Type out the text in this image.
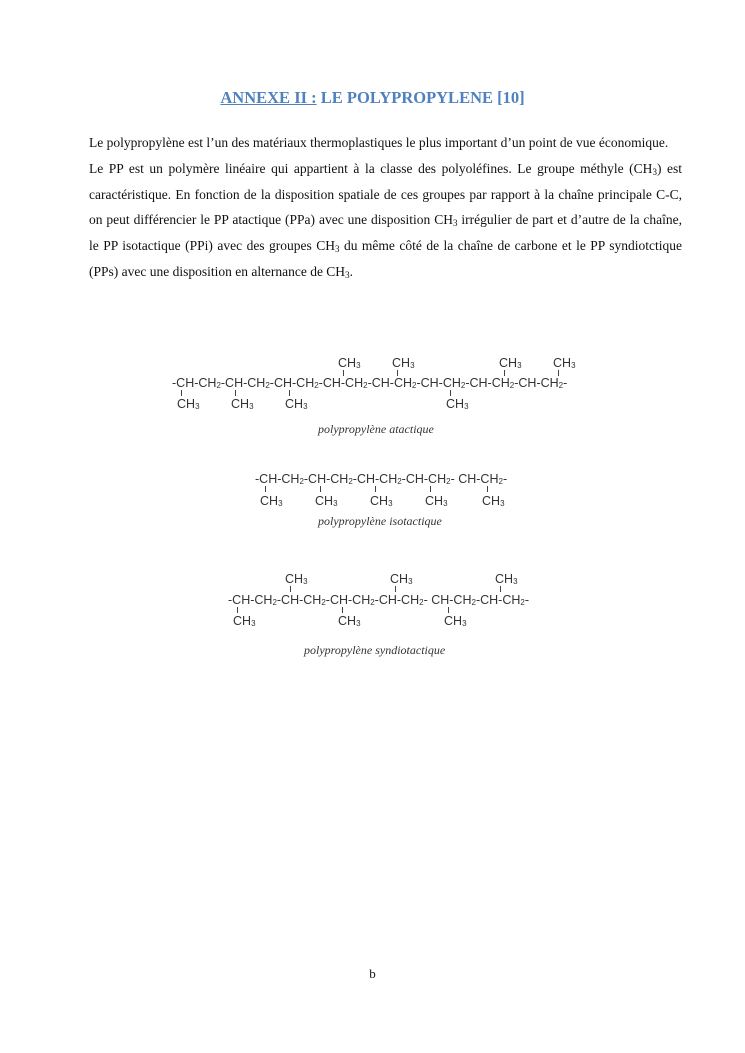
ANNEXE II : LE POLYPROPYLENE [10]

Le polypropylène est l’un des matériaux thermoplastiques le plus important d’un point de vue économique.

Le PP est un polymère linéaire qui appartient à la classe des polyoléfines. Le groupe méthyle $(CH_3)$ est caractéristique. En fonction de la disposition spatiale de ces groupes par rapport à la chaîne principale C-C, on peut différencier le PP atactique (PPa) avec une disposition $CH_3$ irrégulier de part et d’autre de la chaîne, le PP isotactique (PPi) avec des groupes $CH_3$ du même côté de la chaîne de carbone et le PP syndiotctique (PPs) avec une disposition en alternance de $CH_3$.

$CH_3$	$CH_3$	$CH_3$	$CH_3$
$-CH-CH_2-CH-CH_2-CH-CH_2-CH-CH_2-CH-CH_2-CH-CH_2-CH-CH_2-CH-CH_2-$
$CH_3$	$CH_3$	$CH_3$	$CH_3$
polypropylène atactique
$-CH-CH_2-CH-CH_2-CH-CH_2-CH-CH_2-$ $CH-CH_2-$
$CH_3$	$CH_3$	$CH_3$	$CH_3$	$CH_3$
polypropylène isotactique
$CH_3$	$CH_3$	$CH_3$
$-CH-CH_2-CH-CH_2-CH-CH_2-CH-CH_2-$ $CH-CH_2-CH-CH_2-$
$CH_3$	$CH_3$	$CH_3$
polypropylène syndiotactique
b
